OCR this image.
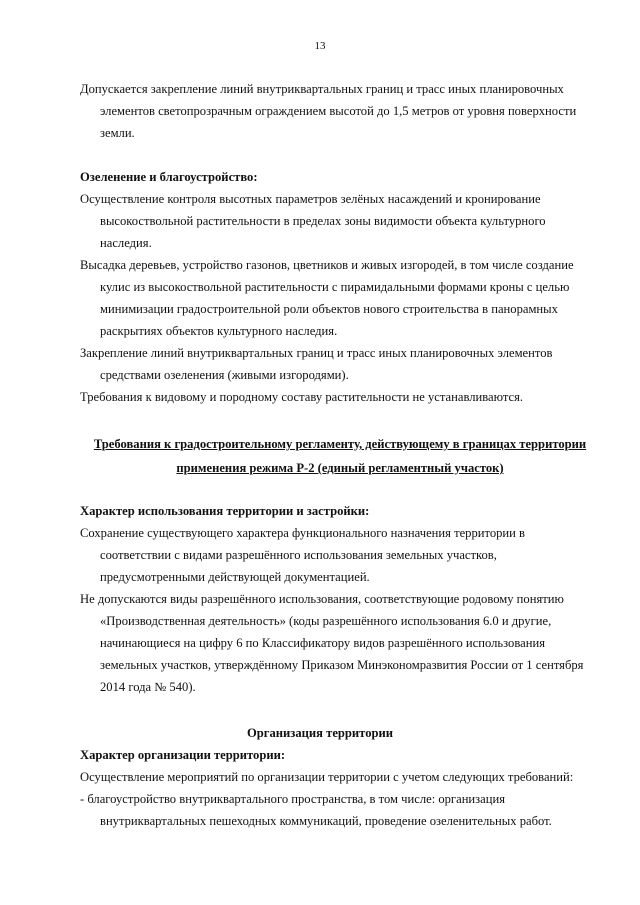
13
Допускается закрепление линий внутриквартальных границ и трасс иных планировочных
элементов светопрозрачным ограждением высотой до 1,5 метров от уровня поверхности земли.
Озеленение и благоустройство:
Осуществление контроля высотных параметров зелёных насаждений и кронирование
высокоствольной растительности в пределах зоны видимости объекта культурного наследия.
Высадка деревьев, устройство газонов, цветников и живых изгородей, в том числе создание
кулис из высокоствольной растительности с пирамидальными формами кроны с целью минимизации градостроительной роли объектов нового строительства в панорамных раскрытиях объектов культурного наследия.
Закрепление линий внутриквартальных границ и трасс иных планировочных элементов
средствами озеленения (живыми изгородями).
Требования к видовому и породному составу растительности не устанавливаются.
Требования к градостроительному регламенту, действующему в границах территории
применения режима Р-2 (единый регламентный участок)
Характер использования территории и застройки:
Сохранение существующего характера функционального назначения территории в
соответствии с видами разрешённого использования земельных участков, предусмотренными действующей документацией.
Не допускаются виды разрешённого использования, соответствующие родовому понятию
«Производственная деятельность» (коды разрешённого использования 6.0 и другие, начинающиеся на цифру 6 по Классификатору видов разрешённого использования земельных участков, утверждённому Приказом Минэкономразвития России от 1 сентября 2014 года № 540).
Организация территории
Характер организации территории:
Осуществление мероприятий по организации территории с учетом следующих требований:
- благоустройство внутриквартального пространства, в том числе: организация
внутриквартальных пешеходных коммуникаций, проведение озеленительных работ.
